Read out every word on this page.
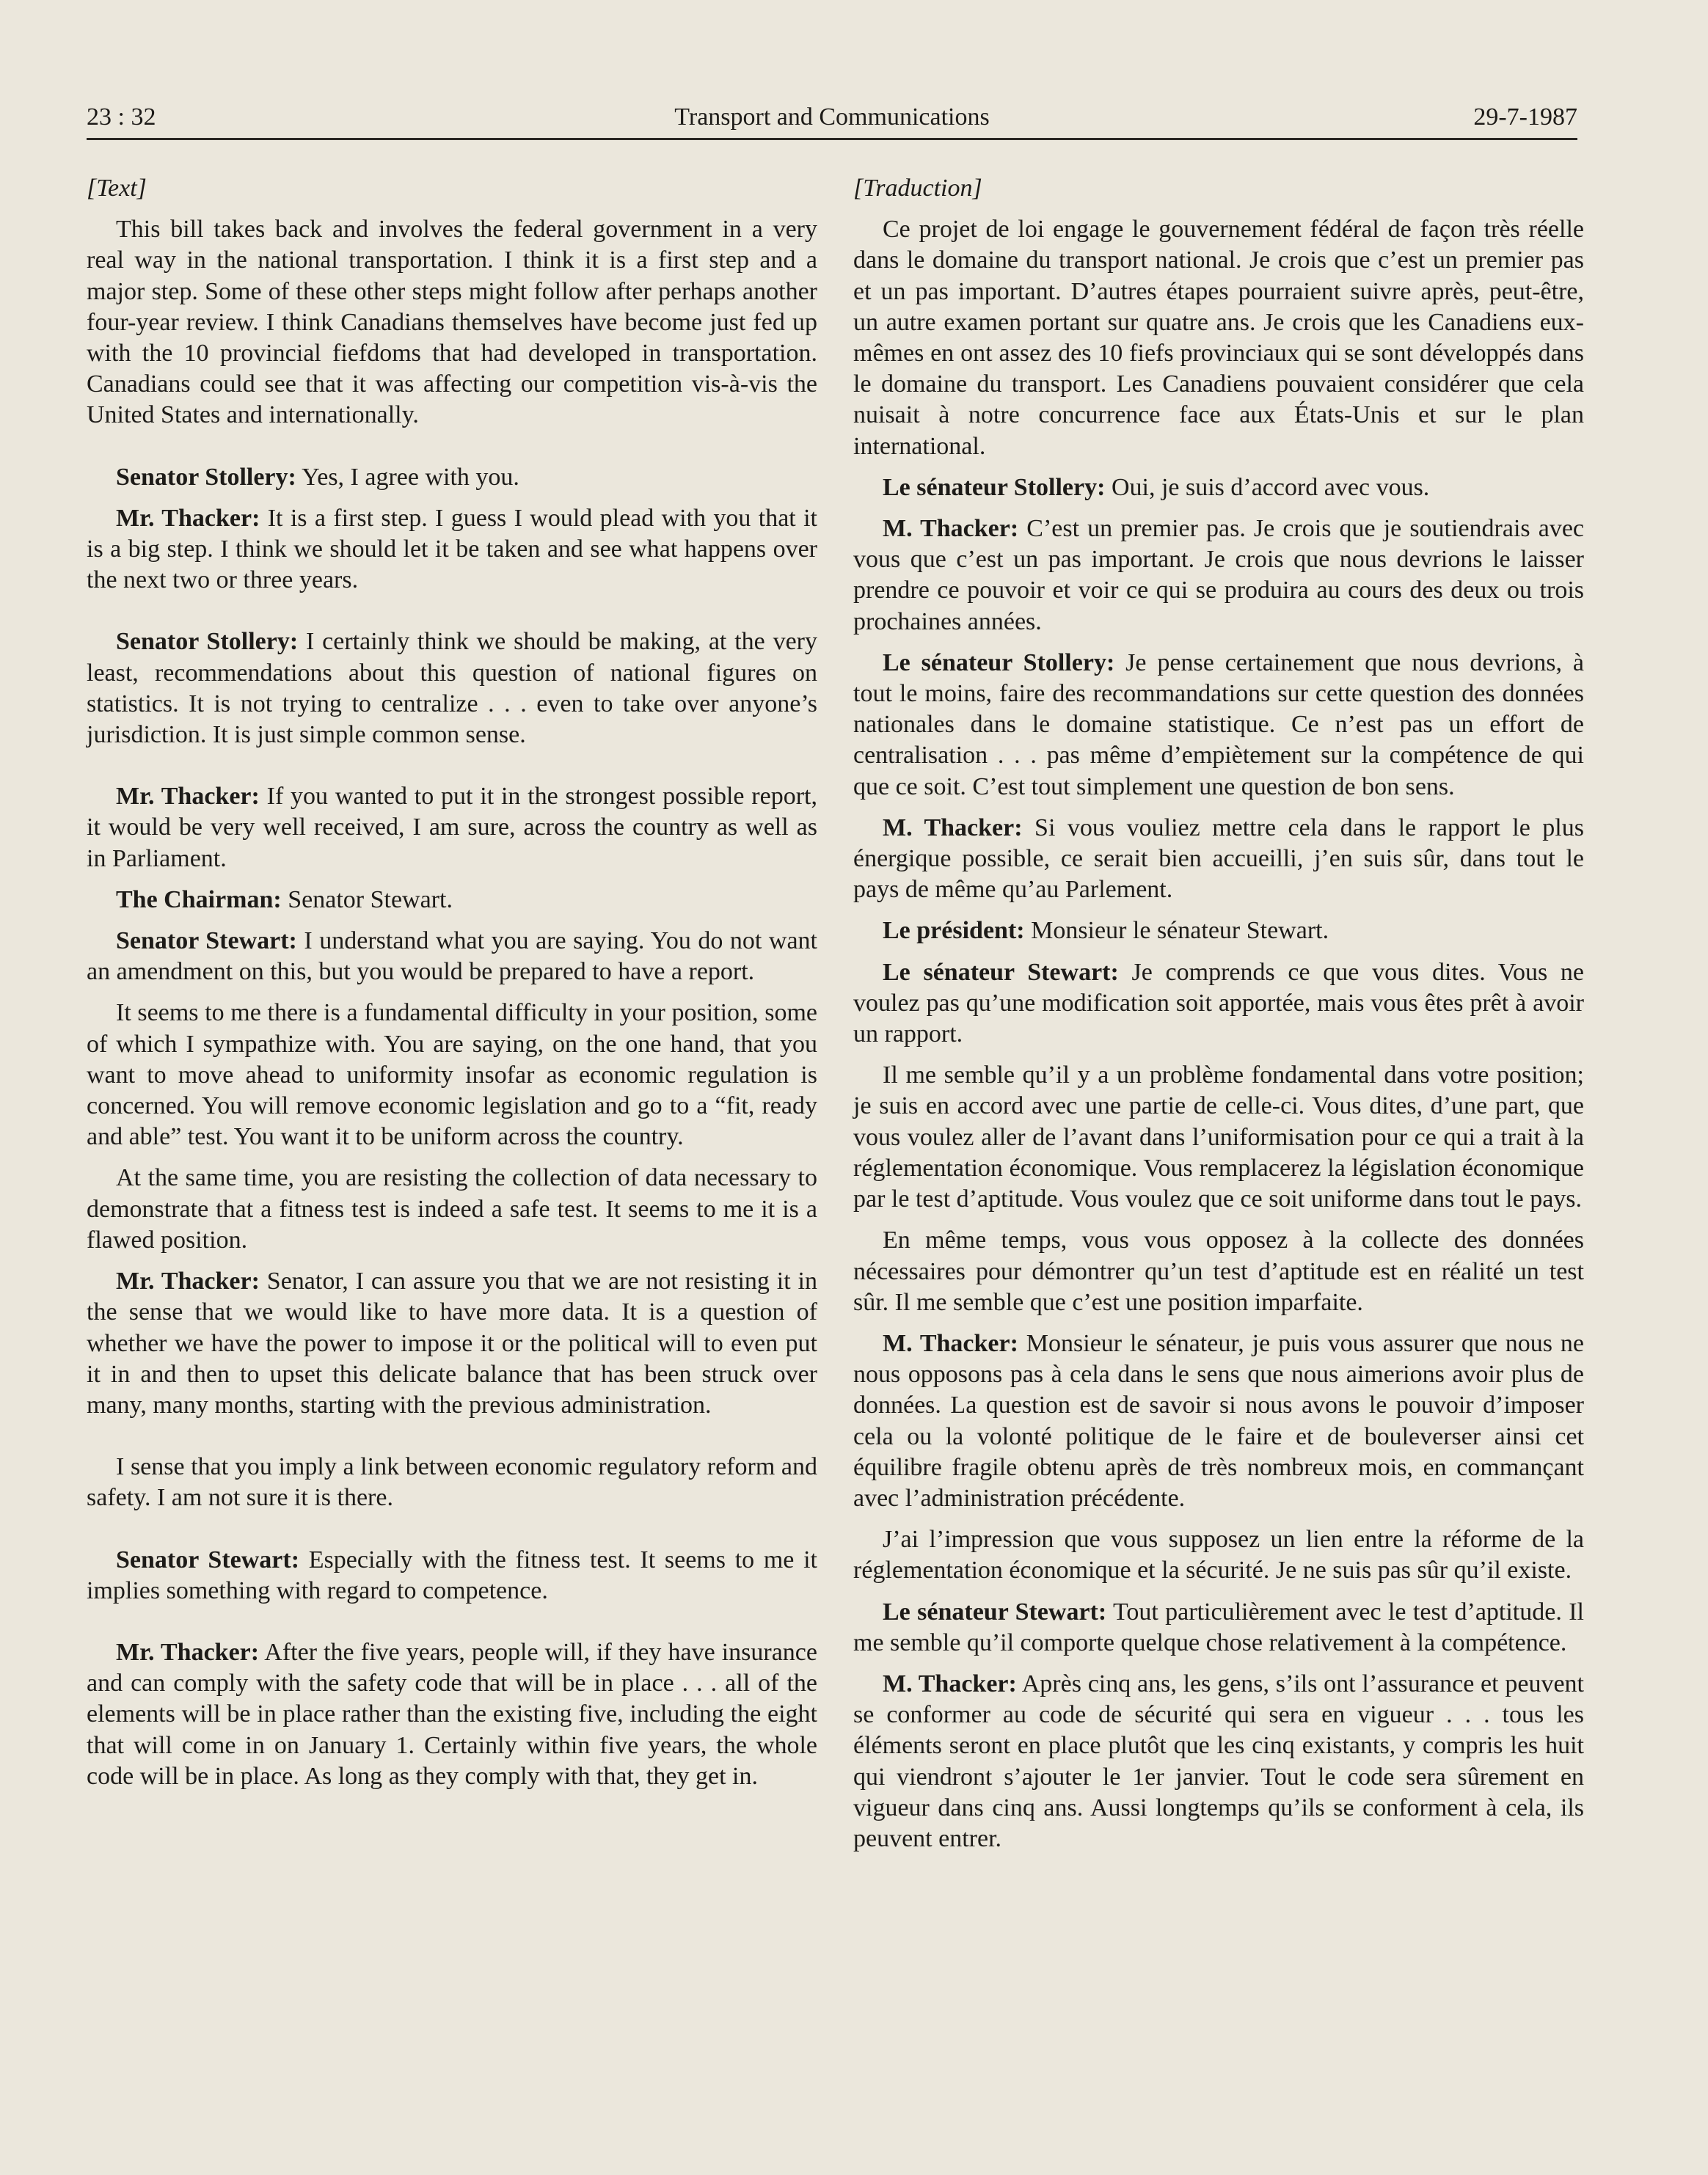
23 : 32	Transport and Communications	29-7-1987

[Text]

This bill takes back and involves the federal government in a very real way in the national transportation. I think it is a first step and a major step. Some of these other steps might follow after perhaps another four-year review. I think Canadians themselves have become just fed up with the 10 provincial fiefdoms that had developed in transportation. Canadians could see that it was affecting our competition vis-à-vis the United States and internationally.

Senator Stollery: Yes, I agree with you.

Mr. Thacker: It is a first step. I guess I would plead with you that it is a big step. I think we should let it be taken and see what happens over the next two or three years.

Senator Stollery: I certainly think we should be making, at the very least, recommendations about this question of national figures on statistics. It is not trying to centralize . . . even to take over anyone’s jurisdiction. It is just simple common sense.

Mr. Thacker: If you wanted to put it in the strongest possible report, it would be very well received, I am sure, across the country as well as in Parliament.

The Chairman: Senator Stewart.

Senator Stewart: I understand what you are saying. You do not want an amendment on this, but you would be prepared to have a report.

It seems to me there is a fundamental difficulty in your position, some of which I sympathize with. You are saying, on the one hand, that you want to move ahead to uniformity insofar as economic regulation is concerned. You will remove economic legislation and go to a “fit, ready and able” test. You want it to be uniform across the country.

At the same time, you are resisting the collection of data necessary to demonstrate that a fitness test is indeed a safe test. It seems to me it is a flawed position.

Mr. Thacker: Senator, I can assure you that we are not resisting it in the sense that we would like to have more data. It is a question of whether we have the power to impose it or the political will to even put it in and then to upset this delicate balance that has been struck over many, many months, starting with the previous administration.

I sense that you imply a link between economic regulatory reform and safety. I am not sure it is there.

Senator Stewart: Especially with the fitness test. It seems to me it implies something with regard to competence.

Mr. Thacker: After the five years, people will, if they have insurance and can comply with the safety code that will be in place . . . all of the elements will be in place rather than the existing five, including the eight that will come in on January 1. Certainly within five years, the whole code will be in place. As long as they comply with that, they get in.

[Traduction]

Ce projet de loi engage le gouvernement fédéral de façon très réelle dans le domaine du transport national. Je crois que c’est un premier pas et un pas important. D’autres étapes pourraient suivre après, peut-être, un autre examen portant sur quatre ans. Je crois que les Canadiens eux-mêmes en ont assez des 10 fiefs provinciaux qui se sont développés dans le domaine du transport. Les Canadiens pouvaient considérer que cela nuisait à notre concurrence face aux États-Unis et sur le plan international.

Le sénateur Stollery: Oui, je suis d’accord avec vous.

M. Thacker: C’est un premier pas. Je crois que je soutiendrais avec vous que c’est un pas important. Je crois que nous devrions le laisser prendre ce pouvoir et voir ce qui se produira au cours des deux ou trois prochaines années.

Le sénateur Stollery: Je pense certainement que nous devrions, à tout le moins, faire des recommandations sur cette question des données nationales dans le domaine statistique. Ce n’est pas un effort de centralisation . . . pas même d’empiètement sur la compétence de qui que ce soit. C’est tout simplement une question de bon sens.

M. Thacker: Si vous vouliez mettre cela dans le rapport le plus énergique possible, ce serait bien accueilli, j’en suis sûr, dans tout le pays de même qu’au Parlement.

Le président: Monsieur le sénateur Stewart.

Le sénateur Stewart: Je comprends ce que vous dites. Vous ne voulez pas qu’une modification soit apportée, mais vous êtes prêt à avoir un rapport.

Il me semble qu’il y a un problème fondamental dans votre position; je suis en accord avec une partie de celle-ci. Vous dites, d’une part, que vous voulez aller de l’avant dans l’uniformisation pour ce qui a trait à la réglementation économique. Vous remplacerez la législation économique par le test d’aptitude. Vous voulez que ce soit uniforme dans tout le pays.

En même temps, vous vous opposez à la collecte des données nécessaires pour démontrer qu’un test d’aptitude est en réalité un test sûr. Il me semble que c’est une position imparfaite.

M. Thacker: Monsieur le sénateur, je puis vous assurer que nous ne nous opposons pas à cela dans le sens que nous aimerions avoir plus de données. La question est de savoir si nous avons le pouvoir d’imposer cela ou la volonté politique de le faire et de bouleverser ainsi cet équilibre fragile obtenu après de très nombreux mois, en commançant avec l’administration précédente.

J’ai l’impression que vous supposez un lien entre la réforme de la réglementation économique et la sécurité. Je ne suis pas sûr qu’il existe.

Le sénateur Stewart: Tout particulièrement avec le test d’aptitude. Il me semble qu’il comporte quelque chose relativement à la compétence.

M. Thacker: Après cinq ans, les gens, s’ils ont l’assurance et peuvent se conformer au code de sécurité qui sera en vigueur . . . tous les éléments seront en place plutôt que les cinq existants, y compris les huit qui viendront s’ajouter le 1er janvier. Tout le code sera sûrement en vigueur dans cinq ans. Aussi longtemps qu’ils se conforment à cela, ils peuvent entrer.
